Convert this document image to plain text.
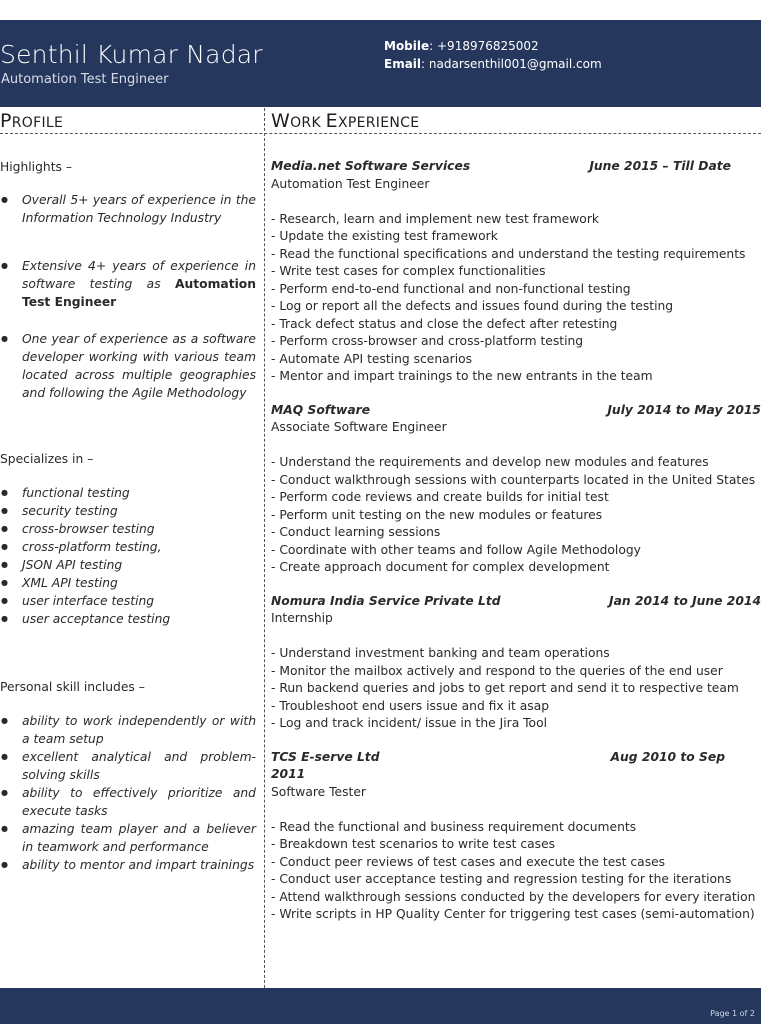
Senthil Kumar Nadar
Automation Test Engineer
Mobile: +918976825002
Email: nadarsenthil001@gmail.com
PROFILE	WORK EXPERIENCE
Highlights –
● Overall 5+ years of experience in the Information Technology Industry
● Extensive 4+ years of experience in software testing as Automation Test Engineer
● One year of experience as a software developer working with various team located across multiple geographies and following the Agile Methodology
Specializes in –
● functional testing
● security testing
● cross-browser testing
● cross-platform testing,
● JSON API testing
● XML API testing
● user interface testing
● user acceptance testing
Personal skill includes –
● ability to work independently or with a team setup
● excellent analytical and problem-solving skills
● ability to effectively prioritize and execute tasks
● amazing team player and a believer in teamwork and performance
● ability to mentor and impart trainings
Media.net Software Services	June 2015 – Till Date
Automation Test Engineer
- Research, learn and implement new test framework
- Update the existing test framework
- Read the functional specifications and understand the testing requirements
- Write test cases for complex functionalities
- Perform end-to-end functional and non-functional testing
- Log or report all the defects and issues found during the testing
- Track defect status and close the defect after retesting
- Perform cross-browser and cross-platform testing
- Automate API testing scenarios
- Mentor and impart trainings to the new entrants in the team
MAQ Software	July 2014 to May 2015
Associate Software Engineer
- Understand the requirements and develop new modules and features
- Conduct walkthrough sessions with counterparts located in the United States
- Perform code reviews and create builds for initial test
- Perform unit testing on the new modules or features
- Conduct learning sessions
- Coordinate with other teams and follow Agile Methodology
- Create approach document for complex development
Nomura India Service Private Ltd	Jan 2014 to June 2014
Internship
- Understand investment banking and team operations
- Monitor the mailbox actively and respond to the queries of the end user
- Run backend queries and jobs to get report and send it to respective team
- Troubleshoot end users issue and fix it asap
- Log and track incident/ issue in the Jira Tool
TCS E-serve Ltd	Aug 2010 to Sep
2011
Software Tester
- Read the functional and business requirement documents
- Breakdown test scenarios to write test cases
- Conduct peer reviews of test cases and execute the test cases
- Conduct user acceptance testing and regression testing for the iterations
- Attend walkthrough sessions conducted by the developers for every iteration
- Write scripts in HP Quality Center for triggering test cases (semi-automation)
Page 1 of 2
